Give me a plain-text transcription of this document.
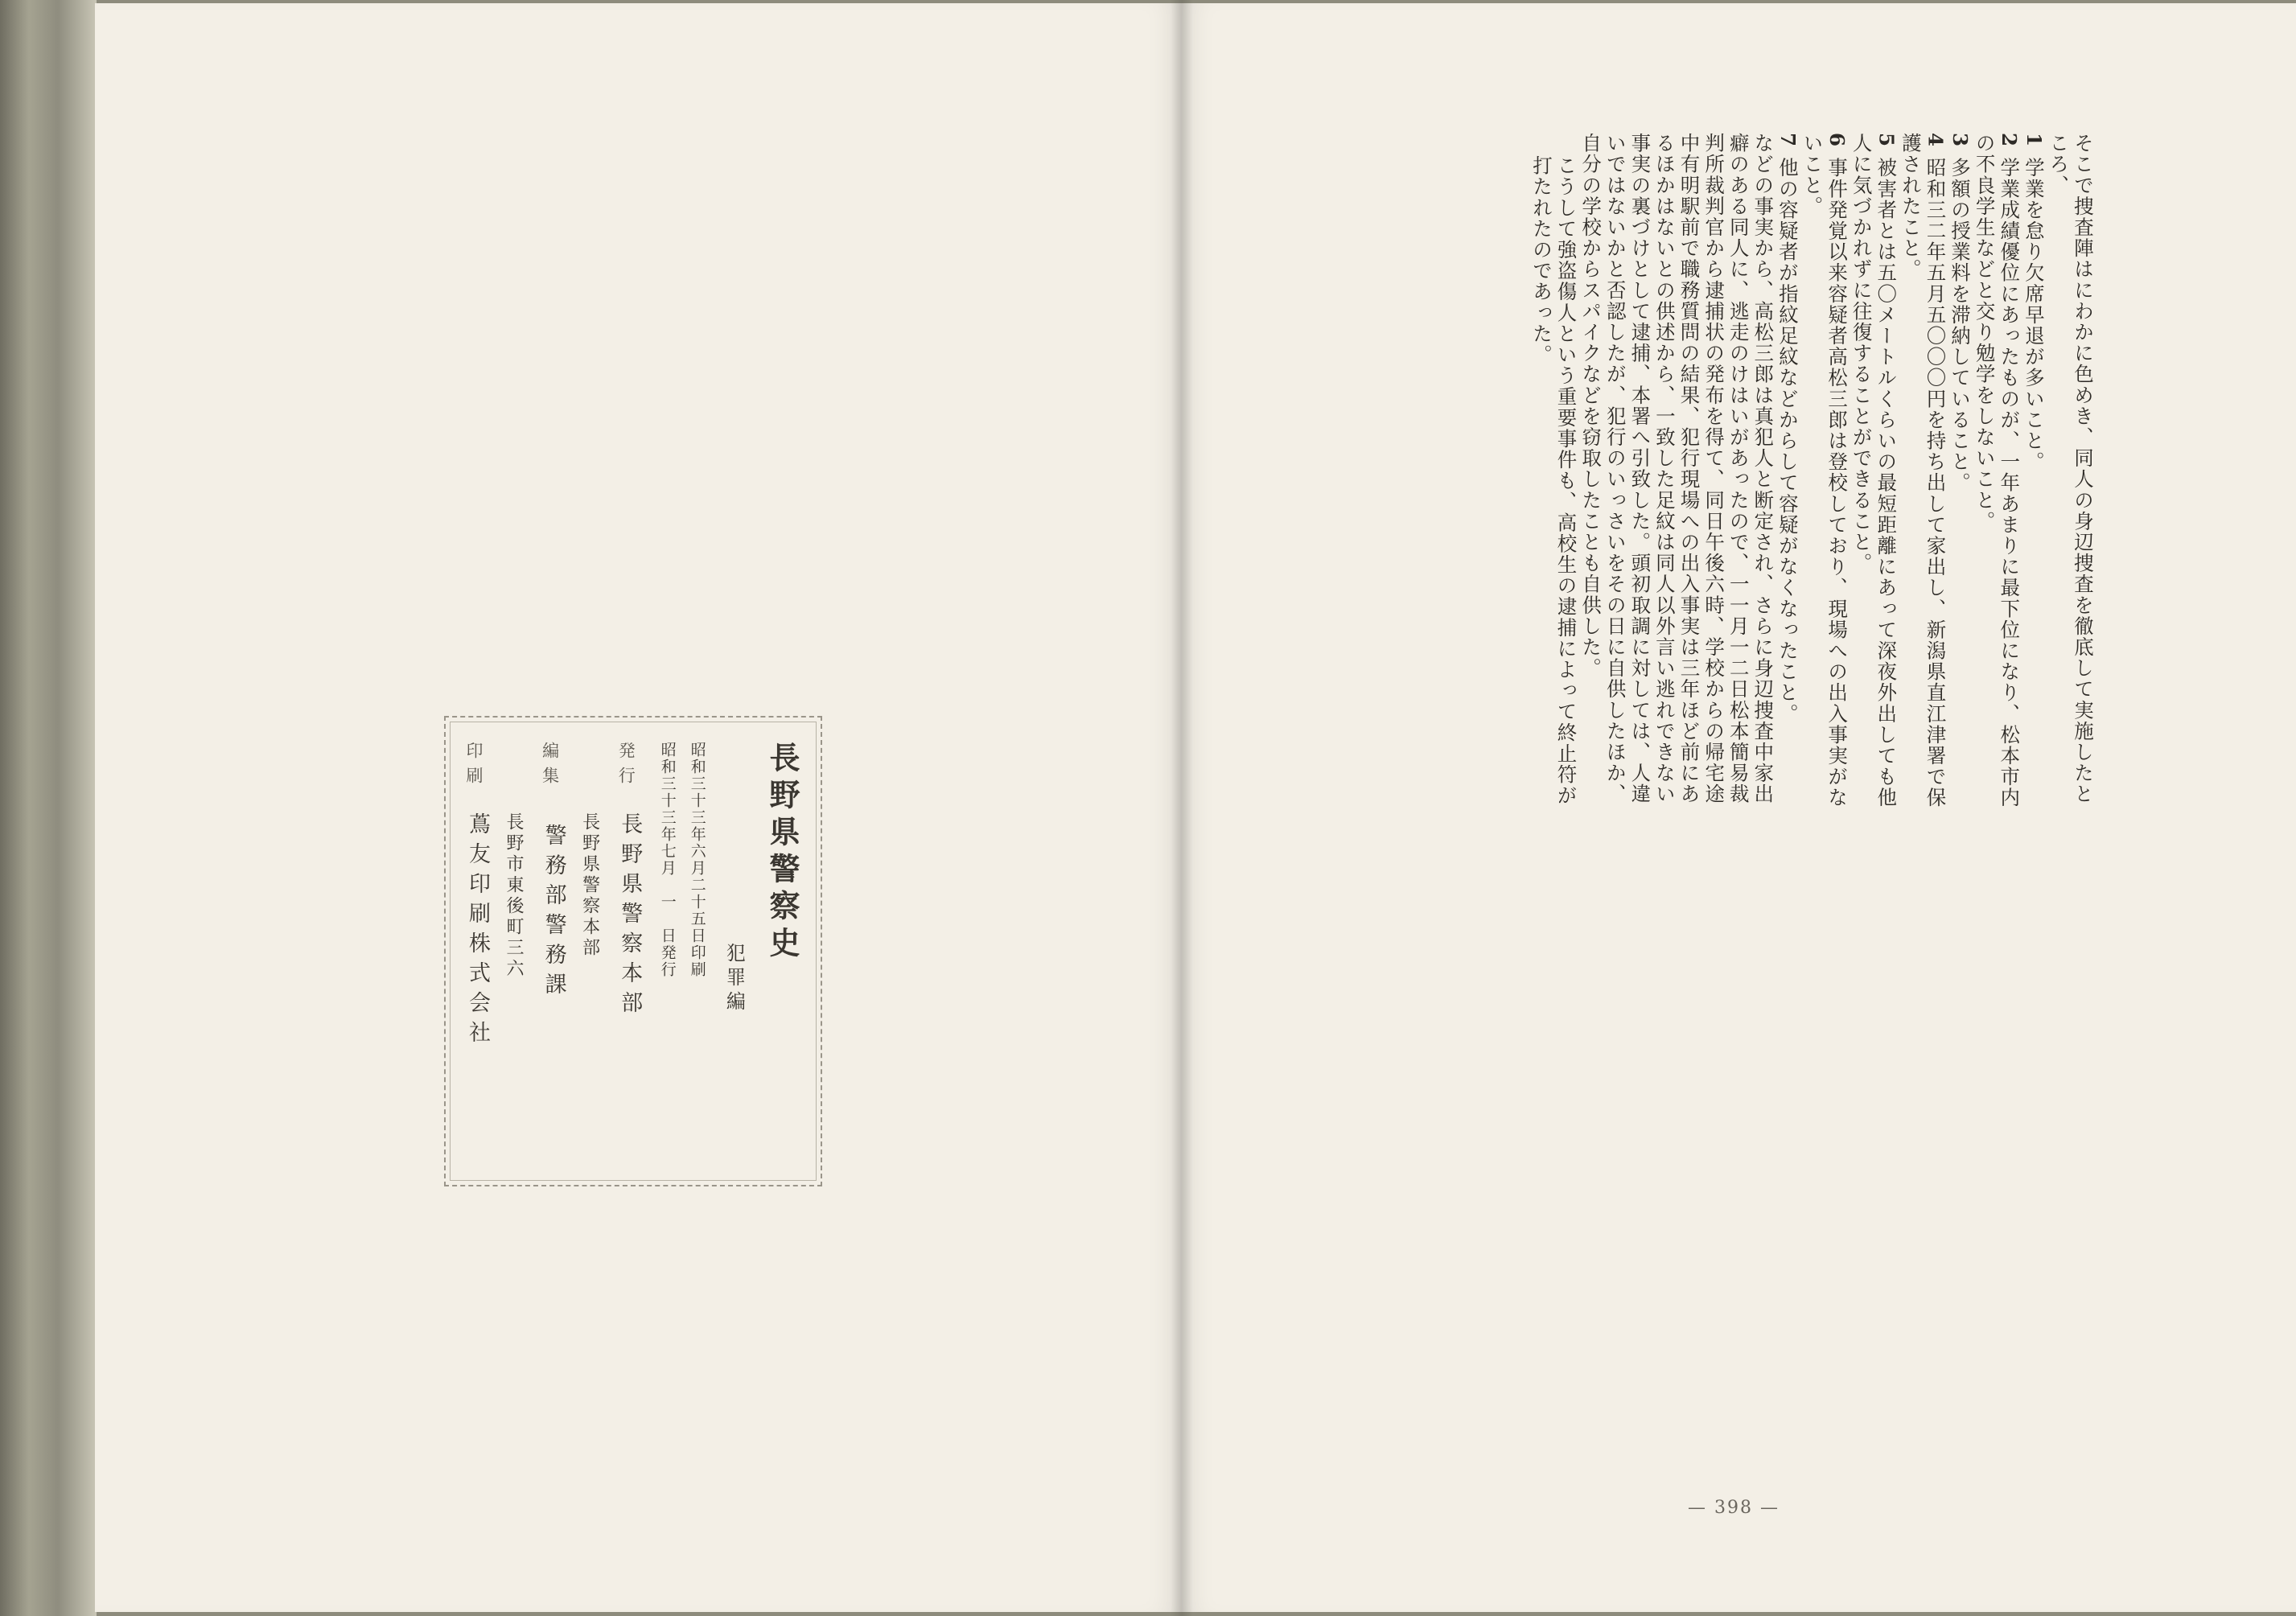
長野県警察史
犯罪編
昭和三十三年六月二十五日印刷
昭和三十三年七月　一　日発行
発行
長野県警察本部
編集
長野県警察本部
警務部警務課
印刷
長野市東後町三六
蔦友印刷株式会社

そこで捜査陣はにわかに色めき、同人の身辺捜査を徹底して実施したところ、

1学業を怠り欠席早退が多いこと。
2学業成績優位にあったものが、一年あまりに最下位になり、松本市内の不良学生などと交り勉学をしないこと。
3多額の授業料を滞納していること。
4昭和三二年五月五〇〇〇円を持ち出して家出し、新潟県直江津署で保護されたこと。
5被害者とは五〇メートルくらいの最短距離にあって深夜外出しても他人に気づかれずに往復することができること。
6事件発覚以来容疑者高松三郎は登校しており、現場への出入事実がないこと。
7他の容疑者が指紋足紋などからして容疑がなくなったこと。

などの事実から、高松三郎は真犯人と断定され、さらに身辺捜査中家出癖のある同人に、逃走のけはいがあったので、一一月一二日松本簡易裁判所裁判官から逮捕状の発布を得て、同日午後六時、学校からの帰宅途中有明駅前で職務質問の結果、犯行現場への出入事実は三年ほど前にあるほかはないとの供述から、一致した足紋は同人以外言い逃れできない事実の裏づけとして逮捕、本署へ引致した。頭初取調に対しては、人違いではないかと否認したが、犯行のいっさいをその日に自供したほか、自分の学校からスパイクなどを窃取したことも自供した。

こうして強盗傷人という重要事件も、高校生の逮捕によって終止符が打たれたのであった。

— 398 —
